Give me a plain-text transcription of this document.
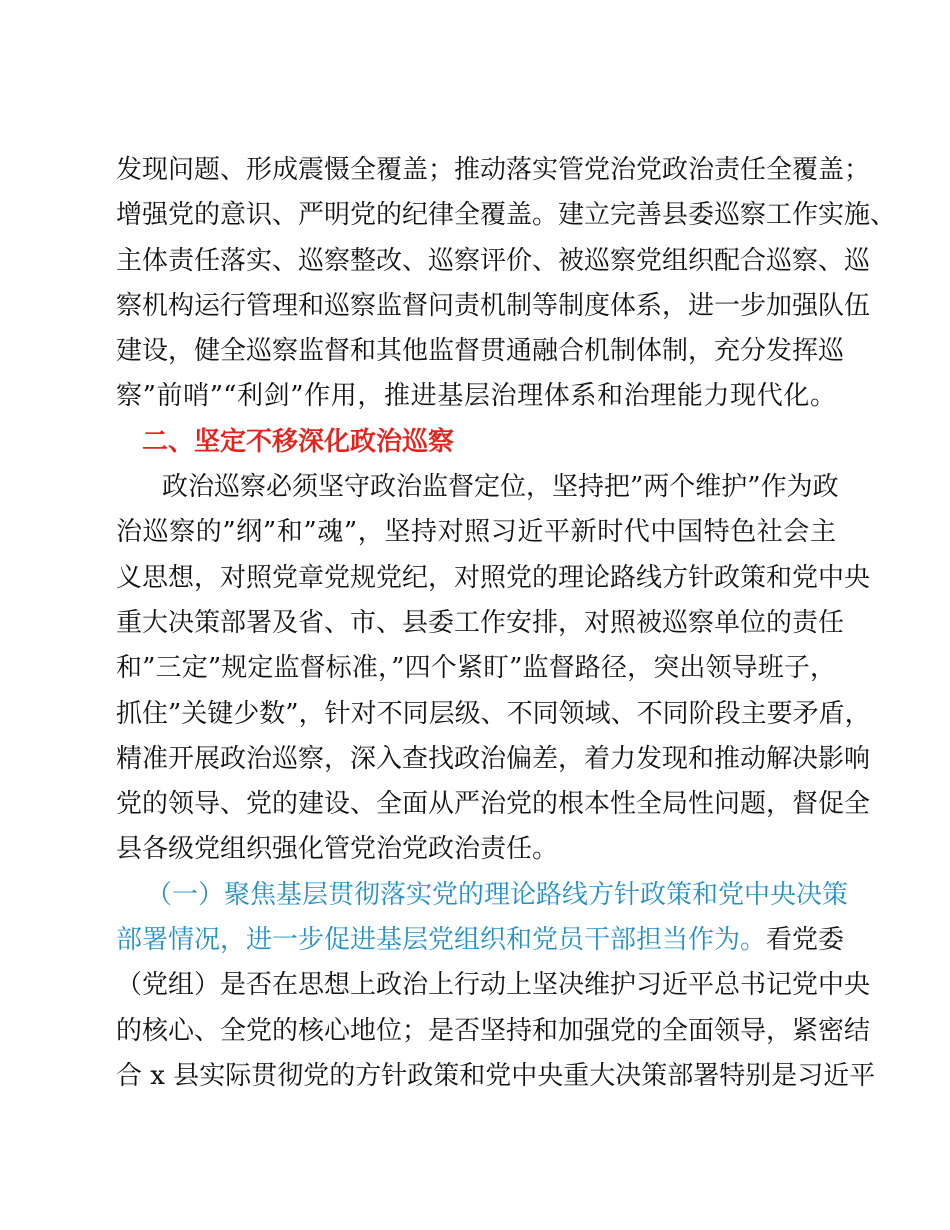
发现问题、形成震慑全覆盖；推动落实管党治党政治责任全覆盖；
增强党的意识、严明党的纪律全覆盖。建立完善县委巡察工作实施、
主体责任落实、巡察整改、巡察评价、被巡察党组织配合巡察、巡
察机构运行管理和巡察监督问责机制等制度体系，进一步加强队伍
建设，健全巡察监督和其他监督贯通融合机制体制，充分发挥巡
察”前哨”“利剑”作用，推进基层治理体系和治理能力现代化。
二、坚定不移深化政治巡察
政治巡察必须坚守政治监督定位，坚持把”两个维护”作为政
治巡察的”纲”和”魂”，坚持对照习近平新时代中国特色社会主
义思想，对照党章党规党纪，对照党的理论路线方针政策和党中央
重大决策部署及省、市、县委工作安排，对照被巡察单位的责任
和”三定”规定监督标准，”四个紧盯”监督路径，突出领导班子，
抓住”关键少数”，针对不同层级、不同领域、不同阶段主要矛盾，
精准开展政治巡察，深入查找政治偏差，着力发现和推动解决影响
党的领导、党的建设、全面从严治党的根本性全局性问题，督促全
县各级党组织强化管党治党政治责任。
（一）聚焦基层贯彻落实党的理论路线方针政策和党中央决策
部署情况，进一步促进基层党组织和党员干部担当作为。看党委
（党组）是否在思想上政治上行动上坚决维护习近平总书记党中央
的核心、全党的核心地位；是否坚持和加强党的全面领导，紧密结
合 x 县实际贯彻党的方针政策和党中央重大决策部署特别是习近平
